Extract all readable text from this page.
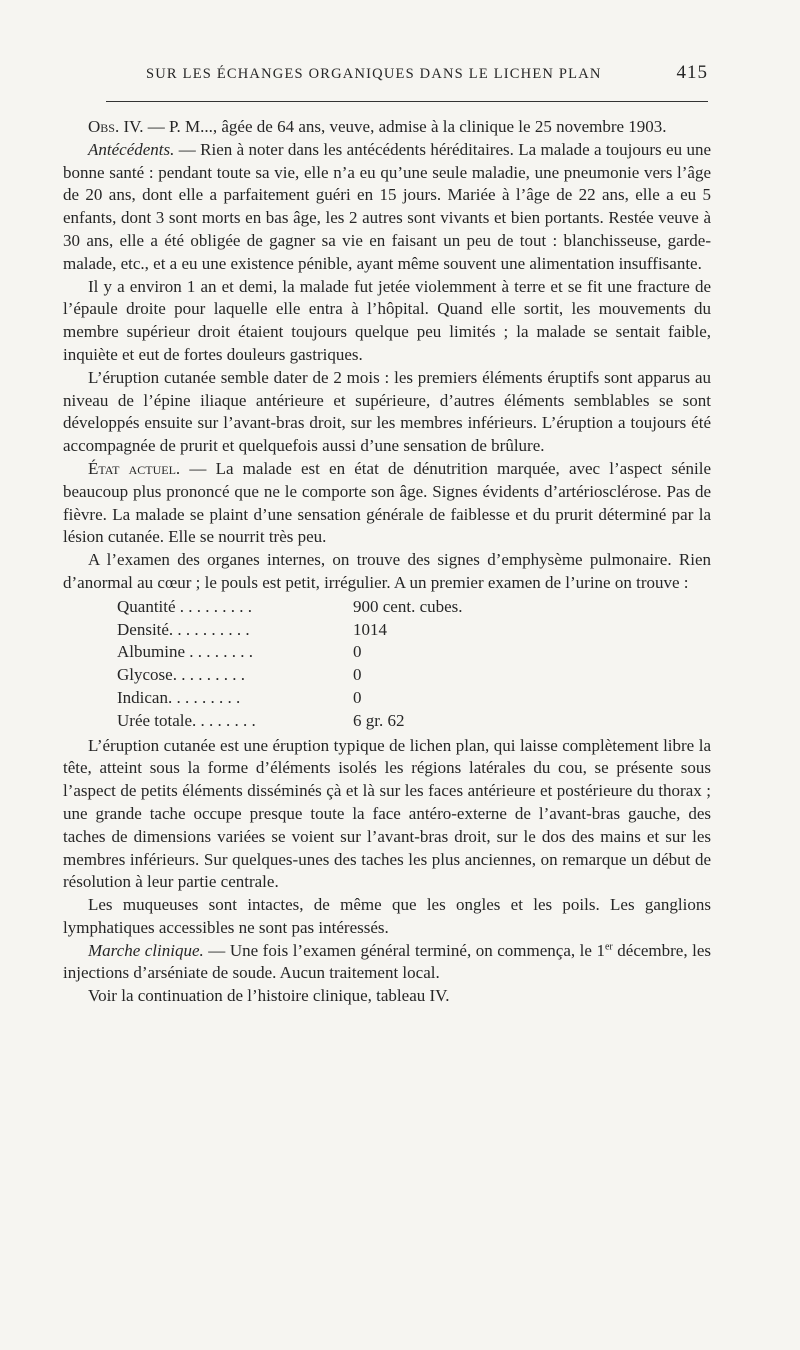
SUR LES ÉCHANGES ORGANIQUES DANS LE LICHEN PLAN	415

Obs. IV. — P. M..., âgée de 64 ans, veuve, admise à la clinique le 25 novembre 1903.

Antécédents. — Rien à noter dans les antécédents héréditaires. La malade a toujours eu une bonne santé : pendant toute sa vie, elle n’a eu qu’une seule maladie, une pneumonie vers l’âge de 20 ans, dont elle a parfaitement guéri en 15 jours. Mariée à l’âge de 22 ans, elle a eu 5 enfants, dont 3 sont morts en bas âge, les 2 autres sont vivants et bien portants. Restée veuve à 30 ans, elle a été obligée de gagner sa vie en faisant un peu de tout : blanchisseuse, garde-malade, etc., et a eu une existence pénible, ayant même souvent une alimentation insuffisante.

Il y a environ 1 an et demi, la malade fut jetée violemment à terre et se fit une fracture de l’épaule droite pour laquelle elle entra à l’hôpital. Quand elle sortit, les mouvements du membre supérieur droit étaient toujours quelque peu limités ; la malade se sentait faible, inquiète et eut de fortes douleurs gastriques.

L’éruption cutanée semble dater de 2 mois : les premiers éléments éruptifs sont apparus au niveau de l’épine iliaque antérieure et supérieure, d’autres éléments semblables se sont développés ensuite sur l’avant-bras droit, sur les membres inférieurs. L’éruption a toujours été accompagnée de prurit et quelquefois aussi d’une sensation de brûlure.

État actuel. — La malade est en état de dénutrition marquée, avec l’aspect sénile beaucoup plus prononcé que ne le comporte son âge. Signes évidents d’artériosclérose. Pas de fièvre. La malade se plaint d’une sensation générale de faiblesse et du prurit déterminé par la lésion cutanée. Elle se nourrit très peu.

A l’examen des organes internes, on trouve des signes d’emphysème pulmonaire. Rien d’anormal au cœur ; le pouls est petit, irrégulier. A un premier examen de l’urine on trouve :

Quantité . . . . . . . . .	900 cent. cubes.
Densité. . . . . . . . . .	1014
Albumine . . . . . . . .	0
Glycose. . . . . . . . .	0
Indican. . . . . . . . .	0
Urée totale. . . . . . . .	6 gr. 62

L’éruption cutanée est une éruption typique de lichen plan, qui laisse complètement libre la tête, atteint sous la forme d’éléments isolés les régions latérales du cou, se présente sous l’aspect de petits éléments disséminés çà et là sur les faces antérieure et postérieure du thorax ; une grande tache occupe presque toute la face antéro-externe de l’avant-bras gauche, des taches de dimensions variées se voient sur l’avant-bras droit, sur le dos des mains et sur les membres inférieurs. Sur quelques-unes des taches les plus anciennes, on remarque un début de résolution à leur partie centrale.

Les muqueuses sont intactes, de même que les ongles et les poils. Les ganglions lymphatiques accessibles ne sont pas intéressés.

Marche clinique. — Une fois l’examen général terminé, on commença, le 1er décembre, les injections d’arséniate de soude. Aucun traitement local.

Voir la continuation de l’histoire clinique, tableau IV.
